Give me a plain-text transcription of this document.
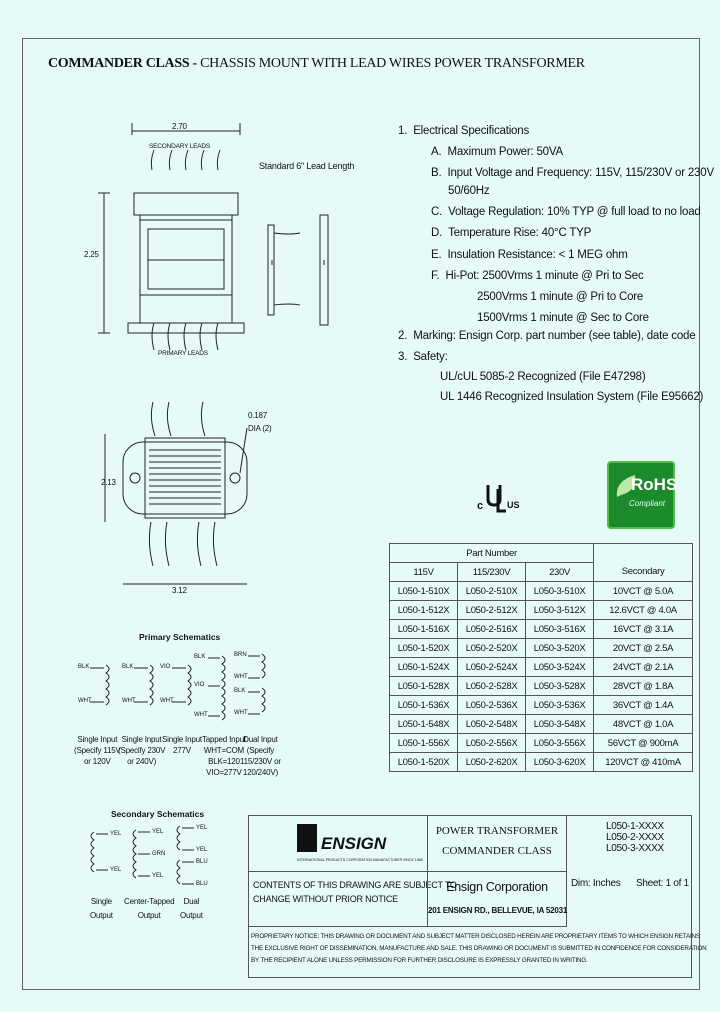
COMMANDER CLASS - CHASSIS MOUNT WITH LEAD WIRES POWER TRANSFORMER
2.70
SECONDARY LEADS
Standard 6" Lead Length
2.25
PRIMARY LEADS
0.187
DIA (2)
2.13
3.12
1. Electrical Specifications
A. Maximum Power: 50VA
B. Input Voltage and Frequency: 115V, 115/230V or 230V
50/60Hz
C. Voltage Regulation: 10% TYP @ full load to no load
D. Temperature Rise: 40°C TYP
E. Insulation Resistance: < 1 MEG ohm
F. Hi-Pot: 2500Vrms 1 minute @ Pri to Sec
2500Vrms 1 minute @ Pri to Core
1500Vrms 1 minute @ Sec to Core
2. Marking: Ensign Corp. part number (see table), date code
3. Safety:
UL/cUL 5085-2 Recognized (File E47298)
UL 1446 Recognized Insulation System (File E95662)
c	US
RoHS
Compliant
Part Number			
115V	115/230V	230V	Secondary
L050-1-510X	L050-2-510X	L050-3-510X	10VCT @ 5.0A
L050-1-512X	L050-2-512X	L050-3-512X	12.6VCT @ 4.0A
L050-1-516X	L050-2-516X	L050-3-516X	16VCT @ 3.1A
L050-1-520X	L050-2-520X	L050-3-520X	20VCT @ 2.5A
L050-1-524X	L050-2-524X	L050-3-524X	24VCT @ 2.1A
L050-1-528X	L050-2-528X	L050-3-528X	28VCT @ 1.8A
L050-1-536X	L050-2-536X	L050-3-536X	36VCT @ 1.4A
L050-1-548X	L050-2-548X	L050-3-548X	48VCT @ 1.0A
L050-1-556X	L050-2-556X	L050-3-556X	56VCT @ 900mA
L050-1-520X	L050-2-620X	L050-3-620X	120VCT @ 410mA
Primary Schematics
BLK
WHT
BLK
WHT
VIO
WHT
BLK
VIO
WHT
BRN
WHT
BLK
WHT
Single Input
(Specify 115V
or 120V
Single Input
(Specify 230V
or 240V)
Single Input
277V
Tapped Input
WHT=COM
BLK=120
VIO=277V
Dual Input
(Specify
115/230V or
120/240V)
Secondary Schematics
YEL
YEL
YEL
GRN
YEL
YEL
YEL
BLU
BLU
Single
Output
Center-Tapped
Output
Dual
Output
ENSIGN
INTERNATIONAL PRODUCTS CORPORATION MANUFACTURER SINCE 1968
POWER TRANSFORMER
COMMANDER CLASS
L050-1-XXXX
L050-2-XXXX
L050-3-XXXX
CONTENTS OF THIS DRAWING ARE SUBJECT TO
CHANGE WITHOUT PRIOR NOTICE
Ensign Corporation
201 ENSIGN RD., BELLEVUE, IA 52031
Dim: Inches Sheet: 1 of 1
PROPRIETARY NOTICE: THIS DRAWING OR DOCUMENT AND SUBJECT MATTER DISCLOSED HEREIN ARE PROPRIETARY ITEMS TO WHICH ENSIGN RETAINS
THE EXCLUSIVE RIGHT OF DISSEMINATION, MANUFACTURE AND SALE. THIS DRAWING OR DOCUMENT IS SUBMITTED IN CONFIDENCE FOR CONSIDERATION
BY THE RECIPIENT ALONE UNLESS PERMISSION FOR FURTHER DISCLOSURE IS EXPRESSLY GRANTED IN WRITING.
